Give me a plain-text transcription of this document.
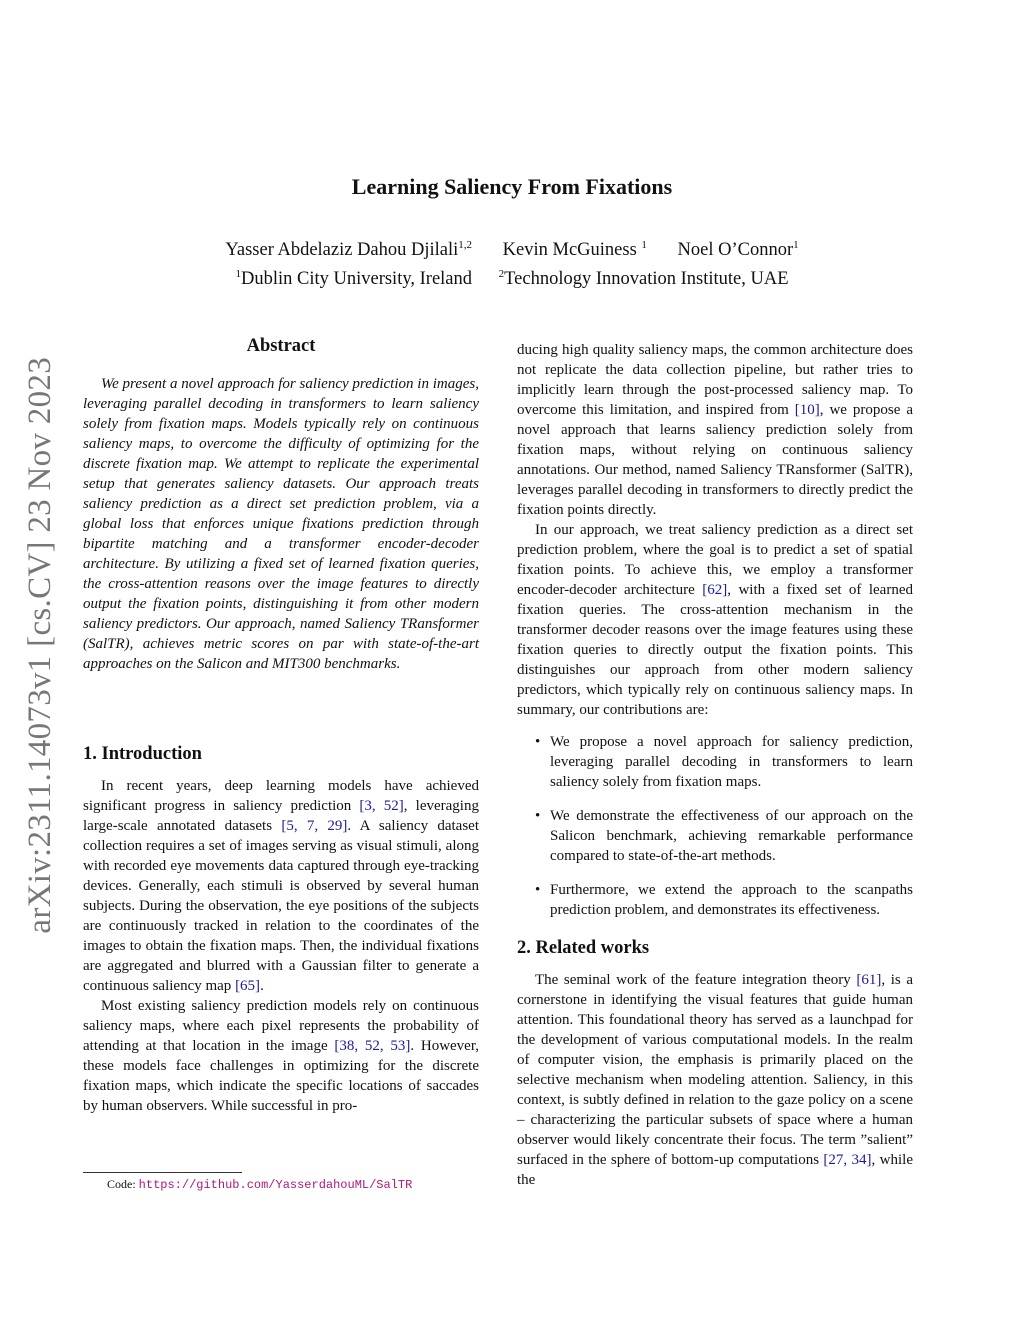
arXiv:2311.14073v1 [cs.CV] 23 Nov 2023
Learning Saliency From Fixations
Yasser Abdelaziz Dahou Djilali$^{1,2}$ Kevin McGuiness $^1$ Noel O’Connor$^1$
$^1$Dublin City University, Ireland $^2$Technology Innovation Institute, UAE
Abstract

We present a novel approach for saliency prediction in images, leveraging parallel decoding in transformers to learn saliency solely from fixation maps. Models typically rely on continuous saliency maps, to overcome the difficulty of optimizing for the discrete fixation map. We attempt to replicate the experimental setup that generates saliency datasets. Our approach treats saliency prediction as a direct set prediction problem, via a global loss that enforces unique fixations prediction through bipartite matching and a transformer encoder-decoder architecture. By utilizing a fixed set of learned fixation queries, the cross-attention reasons over the image features to directly output the fixation points, distinguishing it from other modern saliency predictors. Our approach, named Saliency TRansformer (SalTR), achieves metric scores on par with state-of-the-art approaches on the Salicon and MIT300 benchmarks.

1. Introduction

In recent years, deep learning models have achieved significant progress in saliency prediction [3, 52], leveraging large-scale annotated datasets [5, 7, 29]. A saliency dataset collection requires a set of images serving as visual stimuli, along with recorded eye movements data captured through eye-tracking devices. Generally, each stimuli is observed by several human subjects. During the observation, the eye positions of the subjects are continuously tracked in relation to the coordinates of the images to obtain the fixation maps. Then, the individual fixations are aggregated and blurred with a Gaussian filter to generate a continuous saliency map [65].

Most existing saliency prediction models rely on continuous saliency maps, where each pixel represents the probability of attending at that location in the image [38, 52, 53]. However, these models face challenges in optimizing for the discrete fixation maps, which indicate the specific locations of saccades by human observers. While successful in pro-

ducing high quality saliency maps, the common architecture does not replicate the data collection pipeline, but rather tries to implicitly learn through the post-processed saliency map. To overcome this limitation, and inspired from [10], we propose a novel approach that learns saliency prediction solely from fixation maps, without relying on continuous saliency annotations. Our method, named Saliency TRansformer (SalTR), leverages parallel decoding in transformers to directly predict the fixation points directly.

In our approach, we treat saliency prediction as a direct set prediction problem, where the goal is to predict a set of spatial fixation points. To achieve this, we employ a transformer encoder-decoder architecture [62], with a fixed set of learned fixation queries. The cross-attention mechanism in the transformer decoder reasons over the image features using these fixation queries to directly output the fixation points. This distinguishes our approach from other modern saliency predictors, which typically rely on continuous saliency maps. In summary, our contributions are:

• We propose a novel approach for saliency prediction, leveraging parallel decoding in transformers to learn saliency solely from fixation maps.
• We demonstrate the effectiveness of our approach on the Salicon benchmark, achieving remarkable performance compared to state-of-the-art methods.
• Furthermore, we extend the approach to the scanpaths prediction problem, and demonstrates its effectiveness.
2. Related works

The seminal work of the feature integration theory [61], is a cornerstone in identifying the visual features that guide human attention. This foundational theory has served as a launchpad for the development of various computational models. In the realm of computer vision, the emphasis is primarily placed on the selective mechanism when modeling attention. Saliency, in this context, is subtly defined in relation to the gaze policy on a scene – characterizing the particular subsets of space where a human observer would likely concentrate their focus. The term ”salient” surfaced in the sphere of bottom-up computations [27, 34], while the

Code: https://github.com/YasserdahouML/SalTR
